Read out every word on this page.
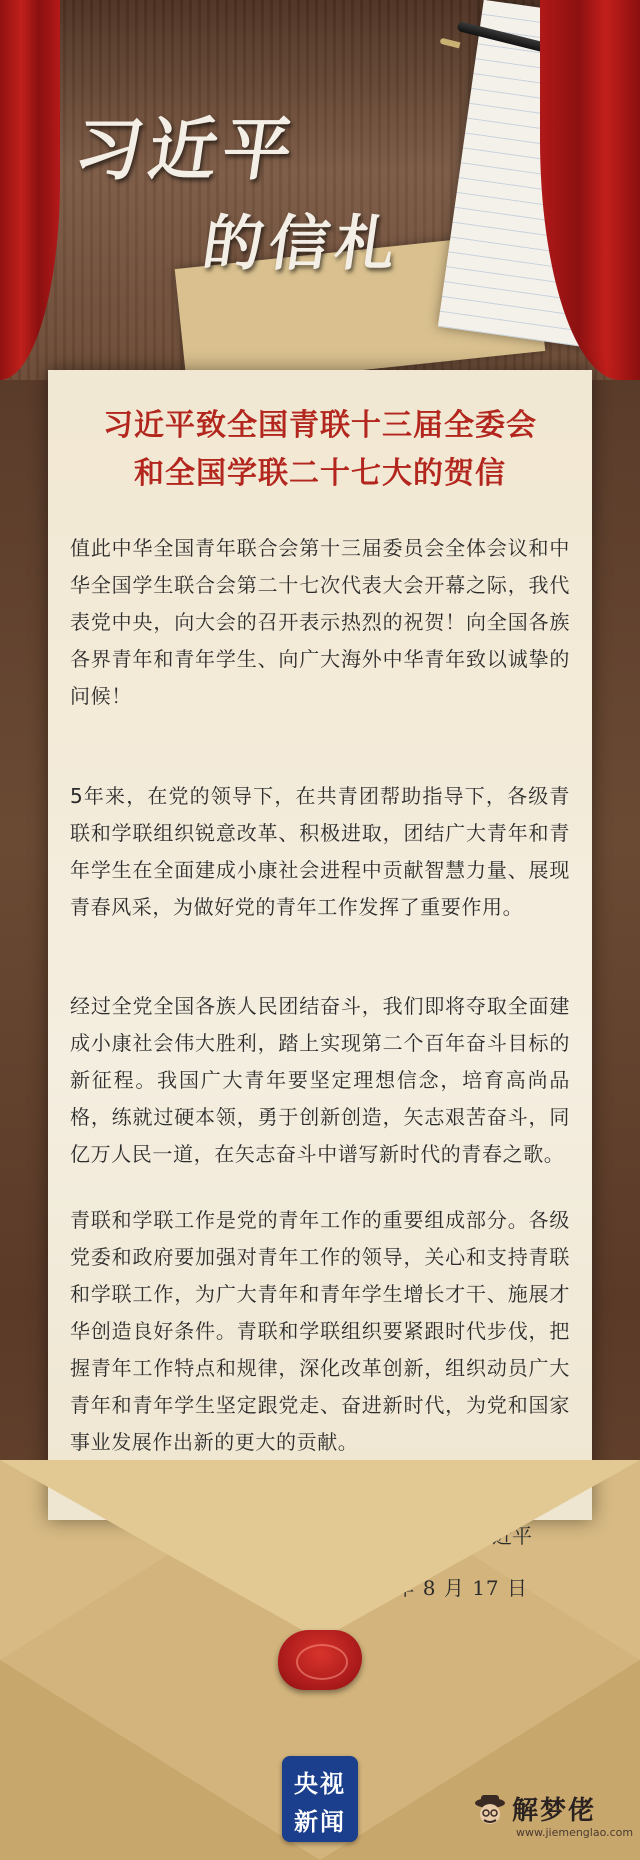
习近平
的信札
习近平致全国青联十三届全委会
和全国学联二十七大的贺信

值此中华全国青年联合会第十三届委员会全体会议和中华全国学生联合会第二十七次代表大会开幕之际，我代表党中央，向大会的召开表示热烈的祝贺！向全国各族各界青年和青年学生、向广大海外中华青年致以诚挚的问候！

5年来，在党的领导下，在共青团帮助指导下，各级青联和学联组织锐意改革、积极进取，团结广大青年和青年学生在全面建成小康社会进程中贡献智慧力量、展现青春风采，为做好党的青年工作发挥了重要作用。

经过全党全国各族人民团结奋斗，我们即将夺取全面建成小康社会伟大胜利，踏上实现第二个百年奋斗目标的新征程。我国广大青年要坚定理想信念，培育高尚品格，练就过硬本领，勇于创新创造，矢志艰苦奋斗，同亿万人民一道，在矢志奋斗中谱写新时代的青春之歌。

青联和学联工作是党的青年工作的重要组成部分。各级党委和政府要加强对青年工作的领导，关心和支持青联和学联工作，为广大青年和青年学生增长才干、施展才华创造良好条件。青联和学联组织要紧跟时代步伐，把握青年工作特点和规律，深化改革创新，组织动员广大青年和青年学生坚定跟党走、奋进新时代，为党和国家事业发展作出新的更大的贡献。

习近平
2020 年 8 月 17 日
央视
新闻	解梦佬
www.jiemenglao.com
